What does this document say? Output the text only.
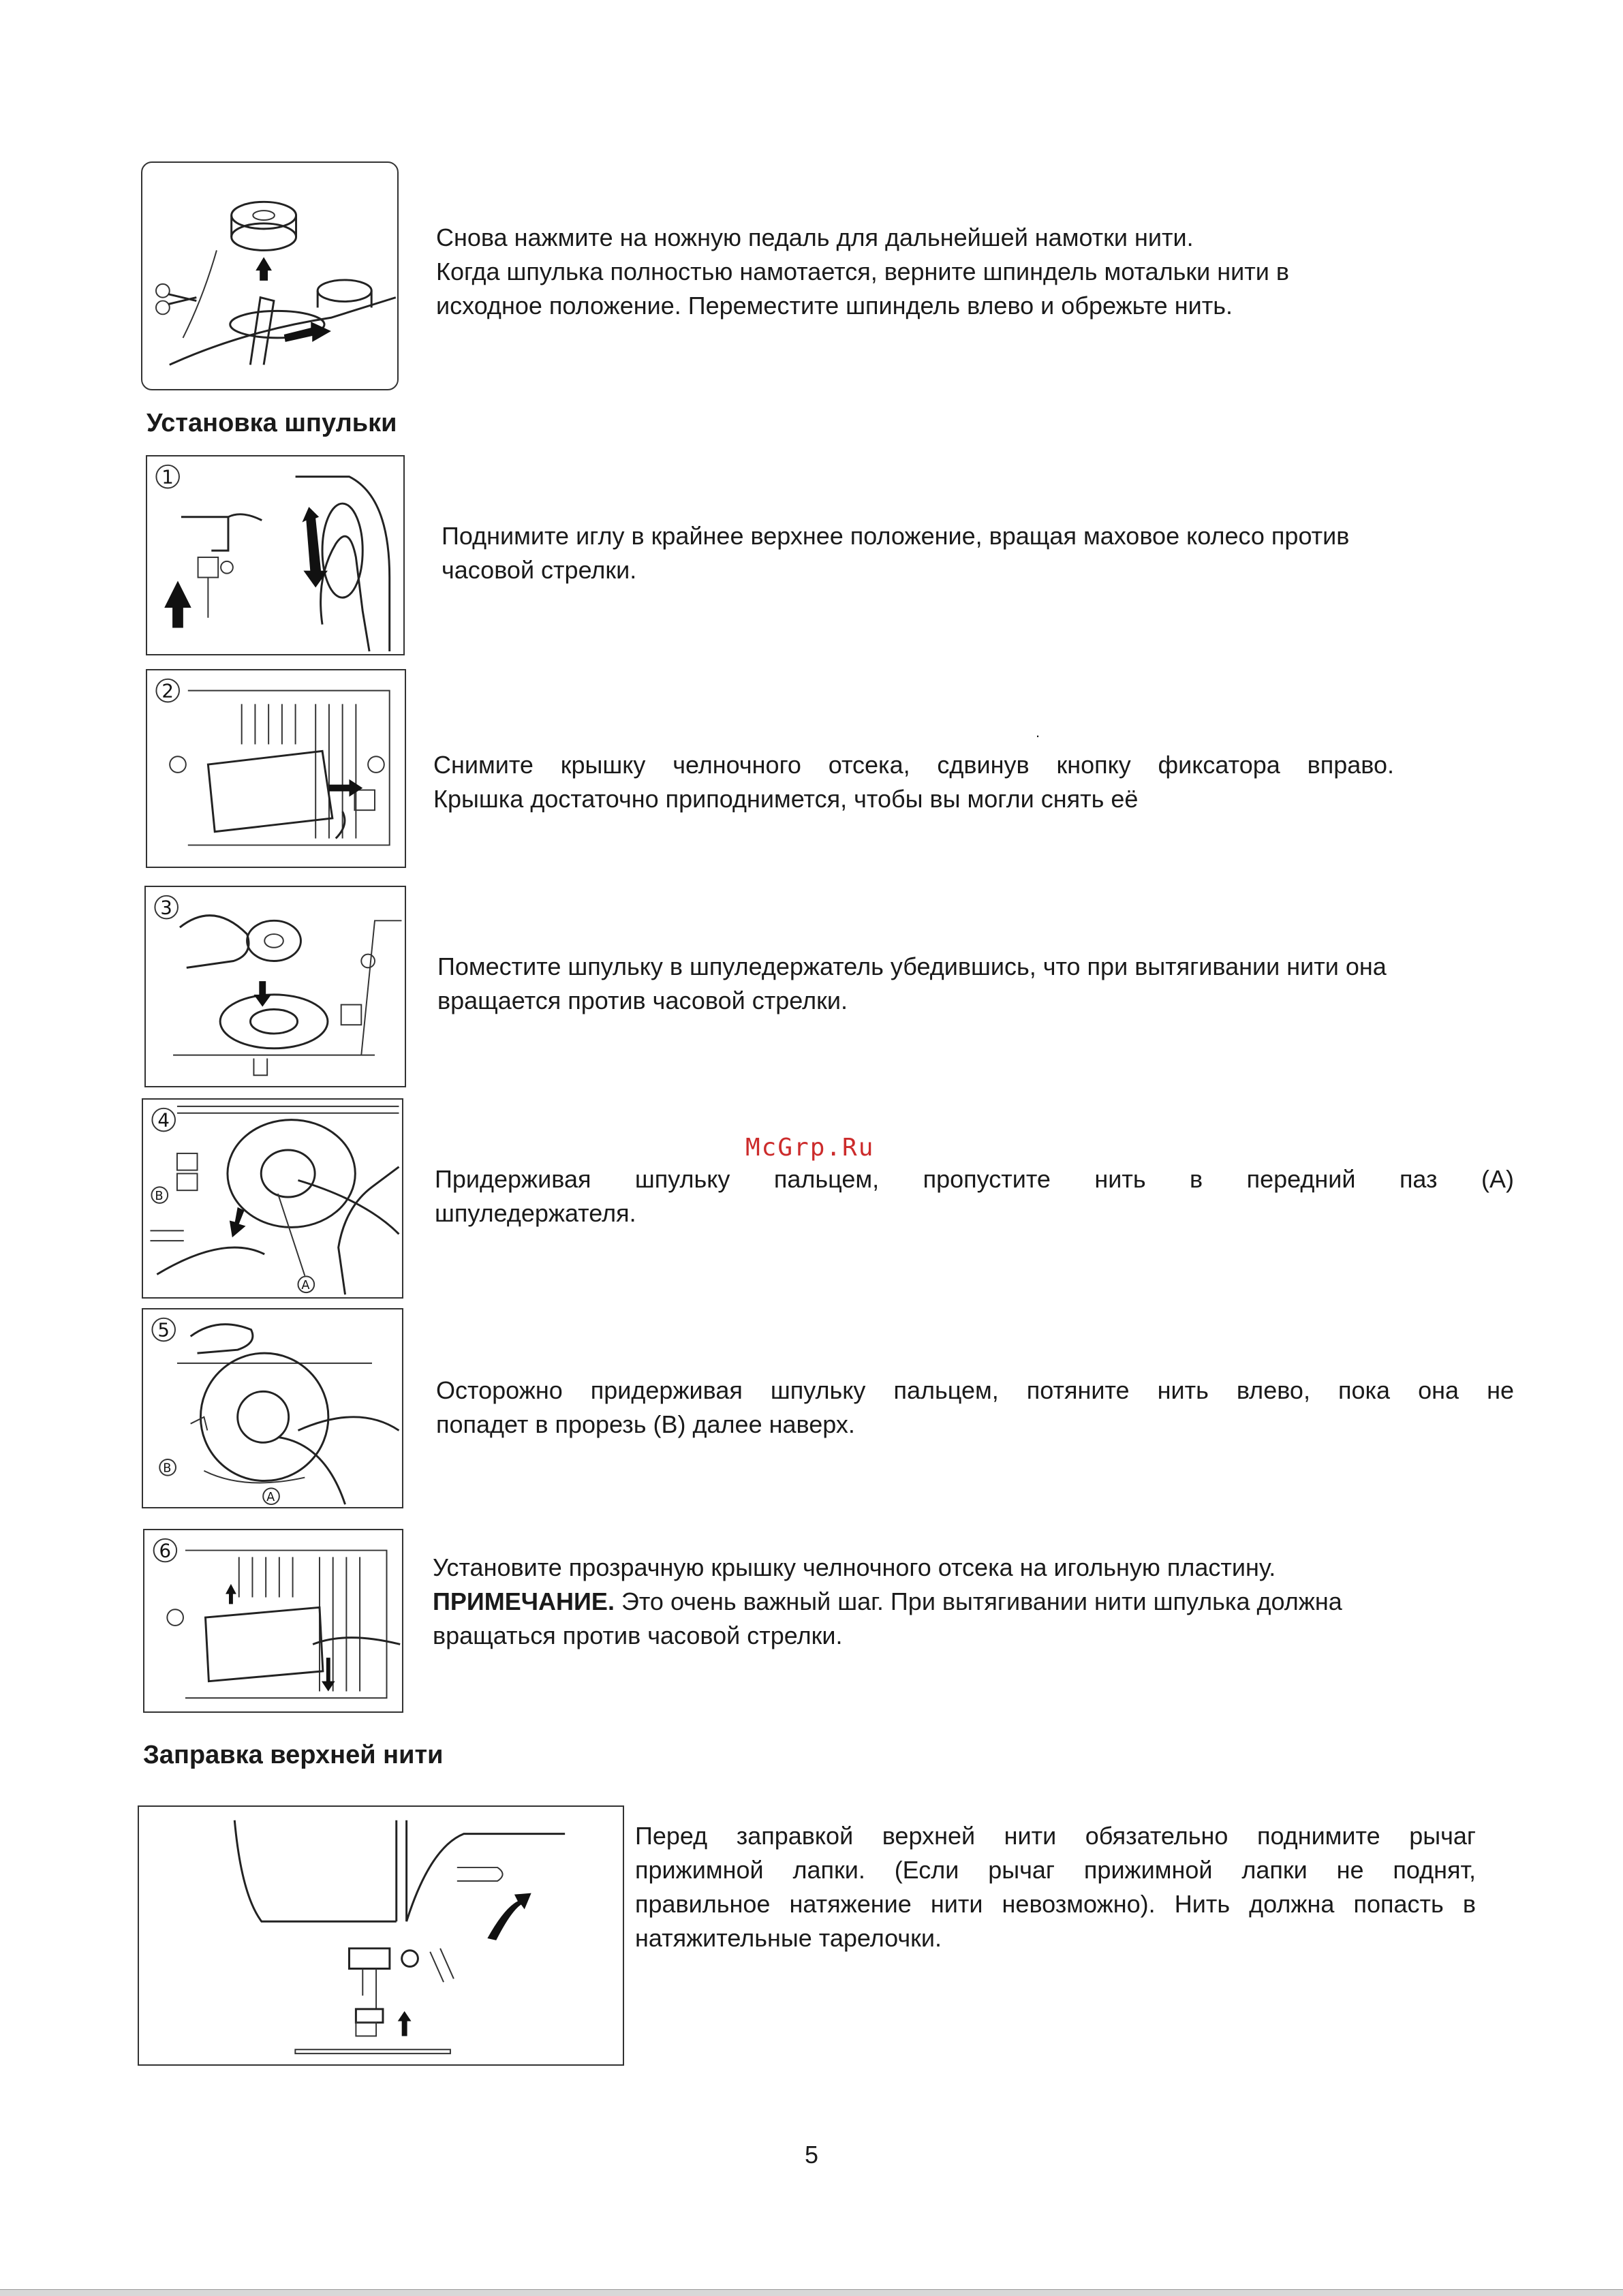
Снова нажмите на ножную педаль для дальнейшей намотки нити.
Когда шпулька полностью намотается, верните шпиндель мотальки нити в
исходное положение. Переместите шпиндель влево и обрежьте нить.
Установка шпульки
1
Поднимите иглу в крайнее верхнее положение, вращая маховое колесо против
часовой стрелки.
2
Снимите крышку челночного отсека, сдвинув кнопку фиксатора вправо.
Крышка достаточно приподнимется, чтобы вы могли снять её
.
3
Поместите шпульку в шпуледержатель убедившись, что при вытягивании нити она
вращается против часовой стрелки.
McGrp.Ru
4
B
A
Придерживая шпульку пальцем, пропустите нить в передний паз (А)
шпуледержателя.
5
B
A
Осторожно придерживая шпульку пальцем, потяните нить влево, пока она не
попадет в прорезь (В) далее наверх.
6
Установите прозрачную крышку челночного отсека на игольную пластину.
ПРИМЕЧАНИЕ. Это очень важный шаг. При вытягивании нити шпулька должна
вращаться против часовой стрелки.
Заправка верхней нити
Перед заправкой верхней нити обязательно поднимите рычаг
прижимной лапки. (Если рычаг прижимной лапки не поднят,
правильное натяжение нити невозможно). Нить должна попасть в
натяжительные тарелочки.
5
